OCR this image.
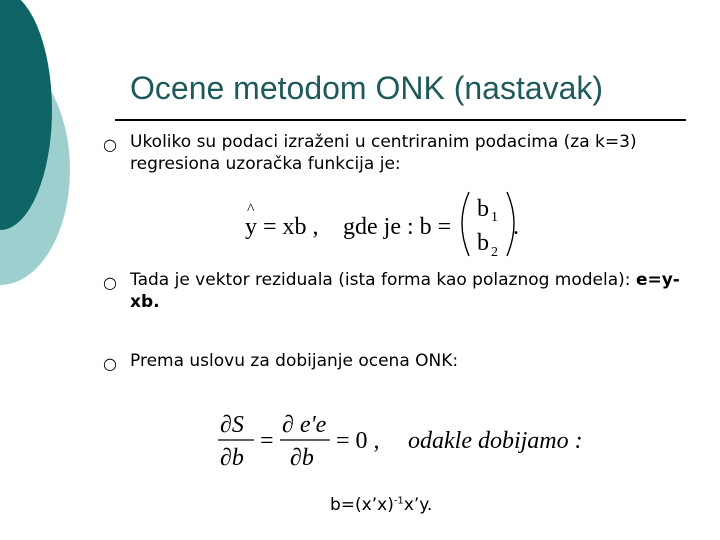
Ocene metodom ONK (nastavak)
○ Ukoliko su podaci izraženi u centriranim podacima (za k=3) regresiona uzoračka funkcija je:
^
y = xb , gde je : b =
b 1
b 2
.
○ Tada je vektor reziduala (ista forma kao polaznog modela): e=y-xb.
○ Prema uslovu za dobijanje ocena ONK:
∂S
∂b
=
∂ e'e
∂b
= 0 , odakle dobijamo :
b=(x’x)$^{-1}$x’y.
